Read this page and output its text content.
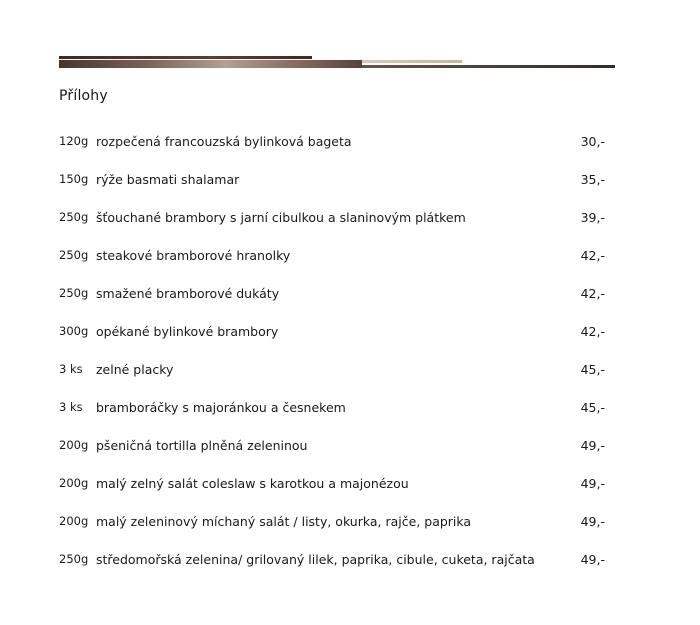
Přílohy
120g rozpečená francouzská bylinková bageta	30,-
150g rýže basmati shalamar	35,-
250g šťouchané brambory s jarní cibulkou a slaninovým plátkem	39,-
250g steakové bramborové hranolky	42,-
250g smažené bramborové dukáty	42,-
300g opékané bylinkové brambory	42,-
3 ks	zelné placky	45,-
3 ks	bramboráčky s majoránkou a česnekem	45,-
200g pšeničná tortilla plněná zeleninou	49,-
200g malý zelný salát coleslaw s karotkou a majonézou	49,-
200g malý zeleninový míchaný salát / listy, okurka, rajče, paprika	49,-
250g středomořská zelenina/ grilovaný lilek, paprika, cibule, cuketa, rajčata	49,-
